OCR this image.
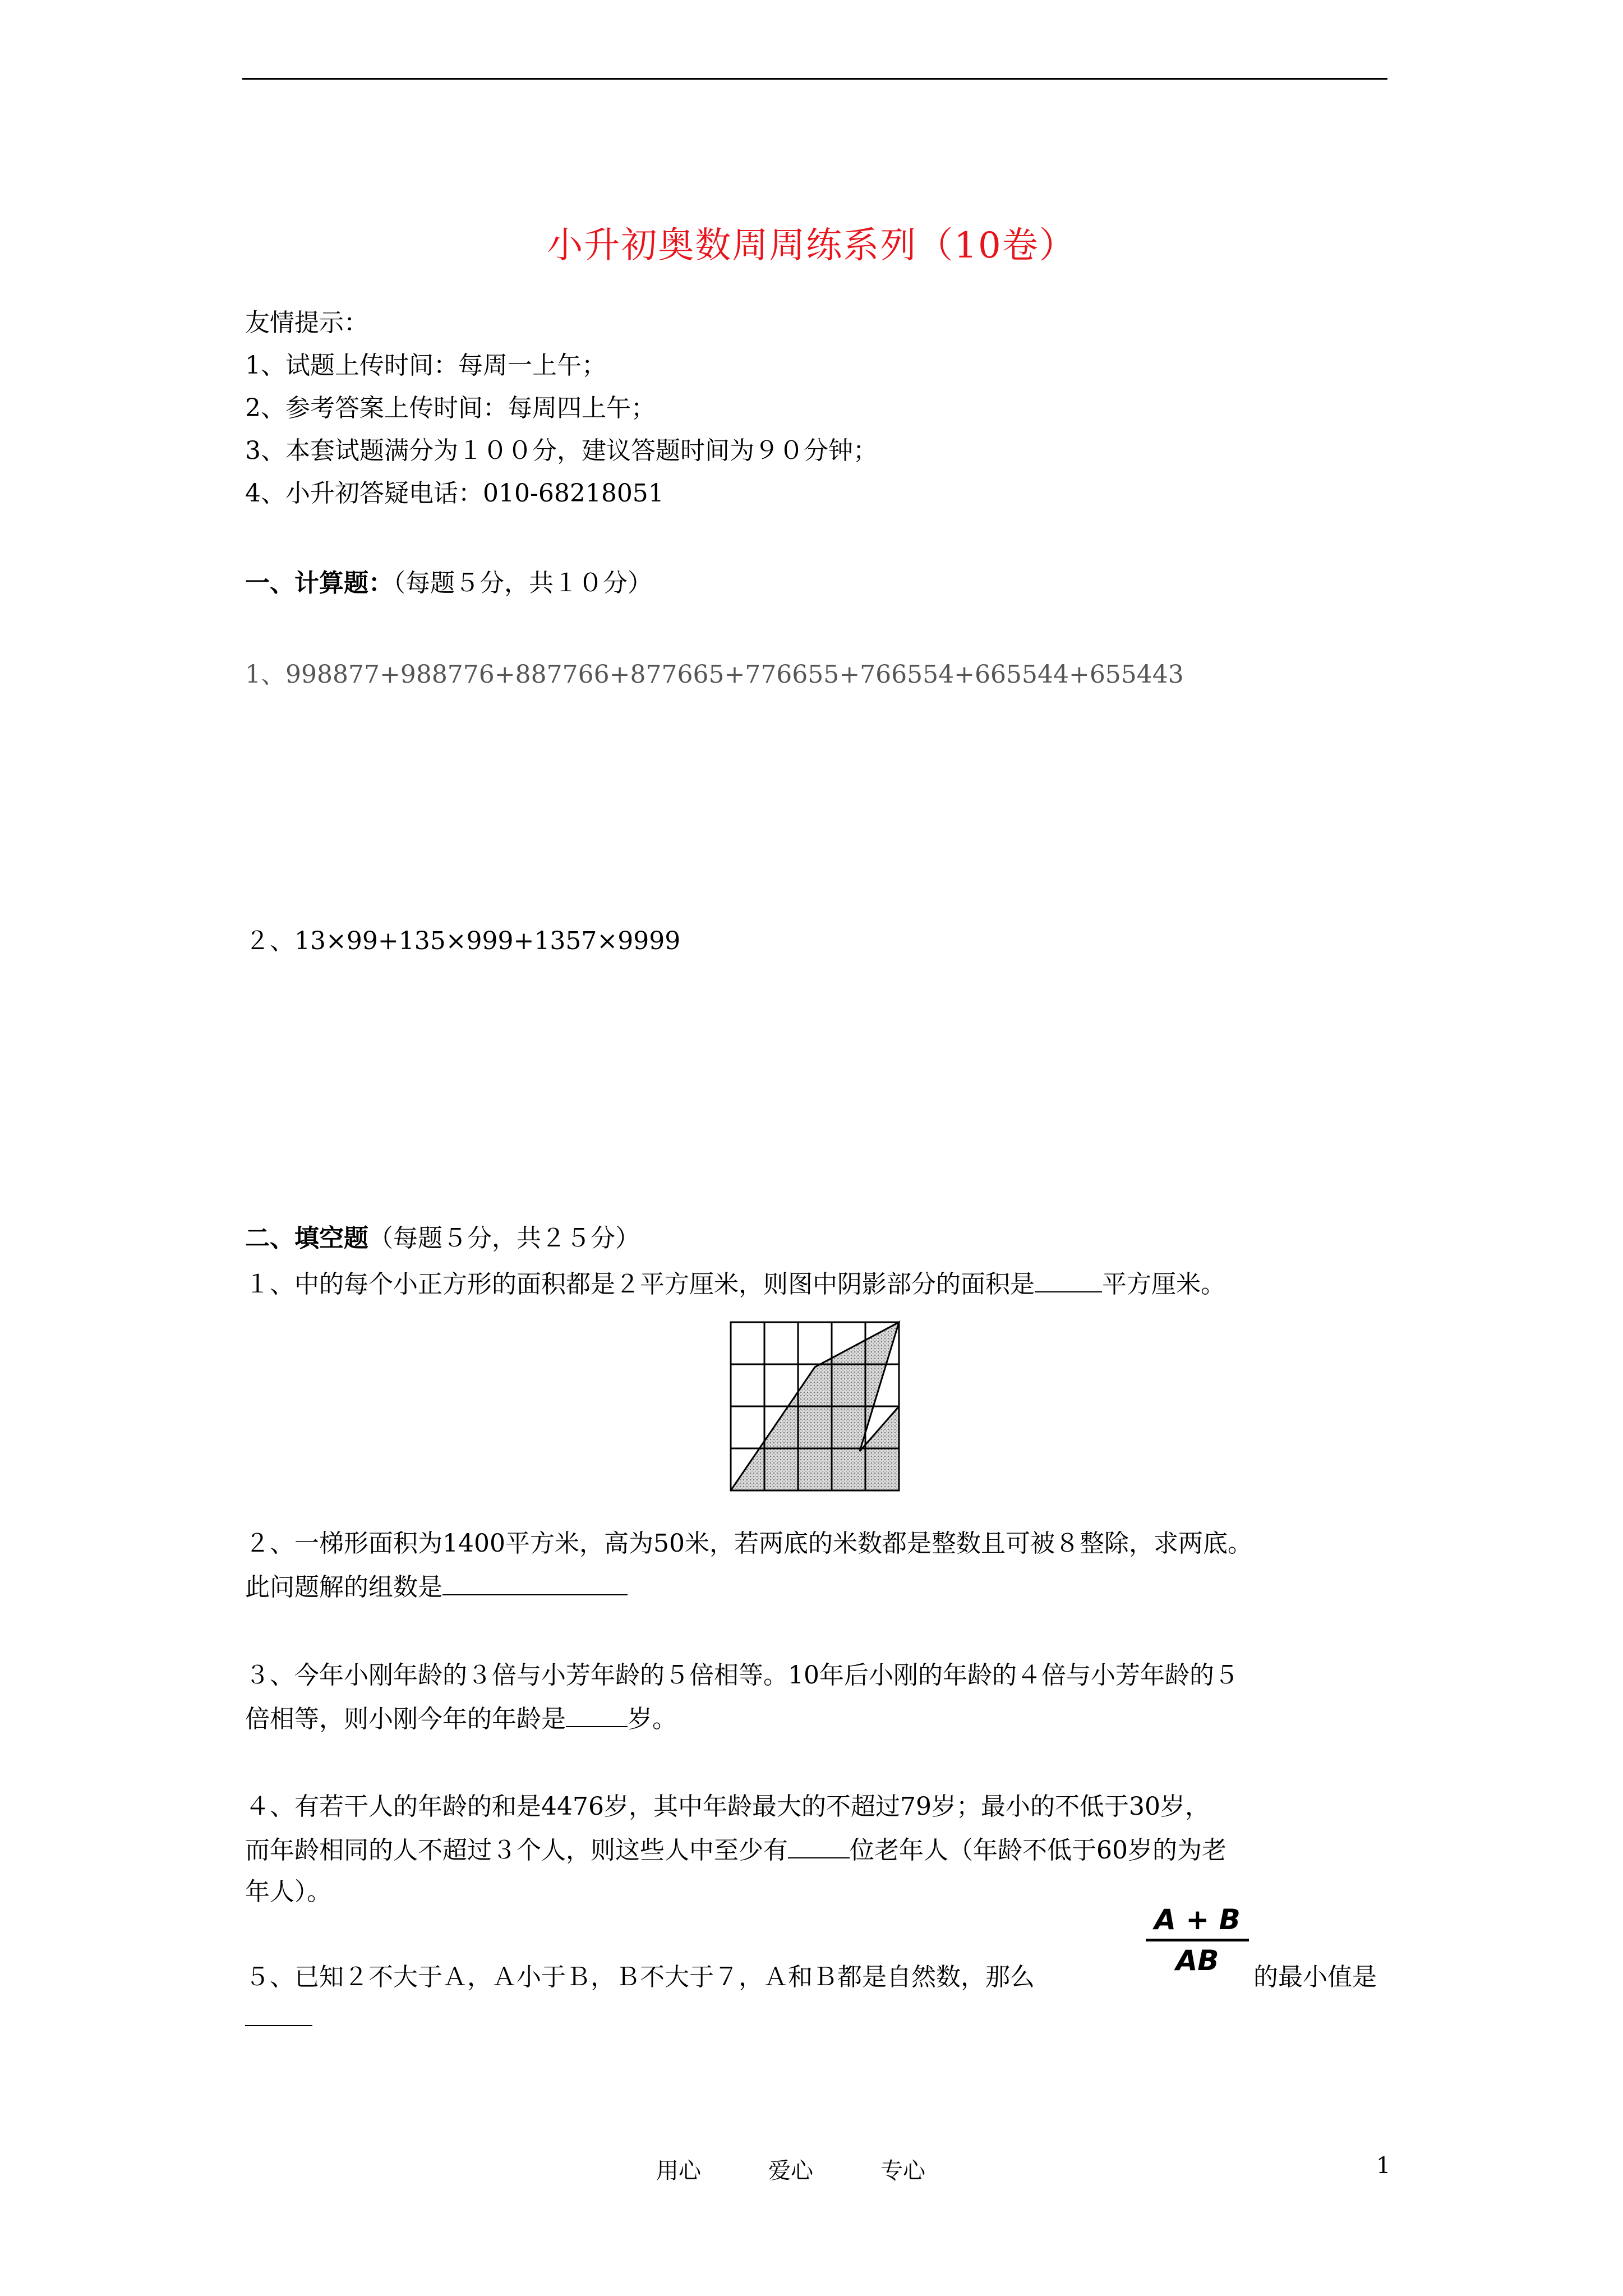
小升初奥数周周练系列（10卷）
友情提示：
1、试题上传时间：每周一上午；
2、参考答案上传时间：每周四上午；
3、本套试题满分为１００分，建议答题时间为９０分钟；
4、小升初答疑电话：010-68218051
一、计算题：（每题５分，共１０分）
1、998877+988776+887766+877665+776655+766554+665544+655443
２、13×99+135×999+1357×9999
二、填空题（每题５分，共２５分）
１、中的每个小正方形的面积都是２平方厘米，则图中阴影部分的面积是	平方厘米。
２、一梯形面积为1400平方米，高为50米，若两底的米数都是整数且可被８整除，求两底。
此问题解的组数是
３、今年小刚年龄的３倍与小芳年龄的５倍相等。10年后小刚的年龄的４倍与小芳年龄的５
倍相等，则小刚今年的年龄是	岁。
４、有若干人的年龄的和是4476岁，其中年龄最大的不超过79岁；最小的不低于30岁，
而年龄相同的人不超过３个人，则这些人中至少有	位老年人（年龄不低于60岁的为老
年人）。
５、已知２不大于Ａ，Ａ小于Ｂ，Ｂ不大于７，Ａ和Ｂ都是自然数，那么
A + B
AB
的最小值是
用心	爱心	专心	1
